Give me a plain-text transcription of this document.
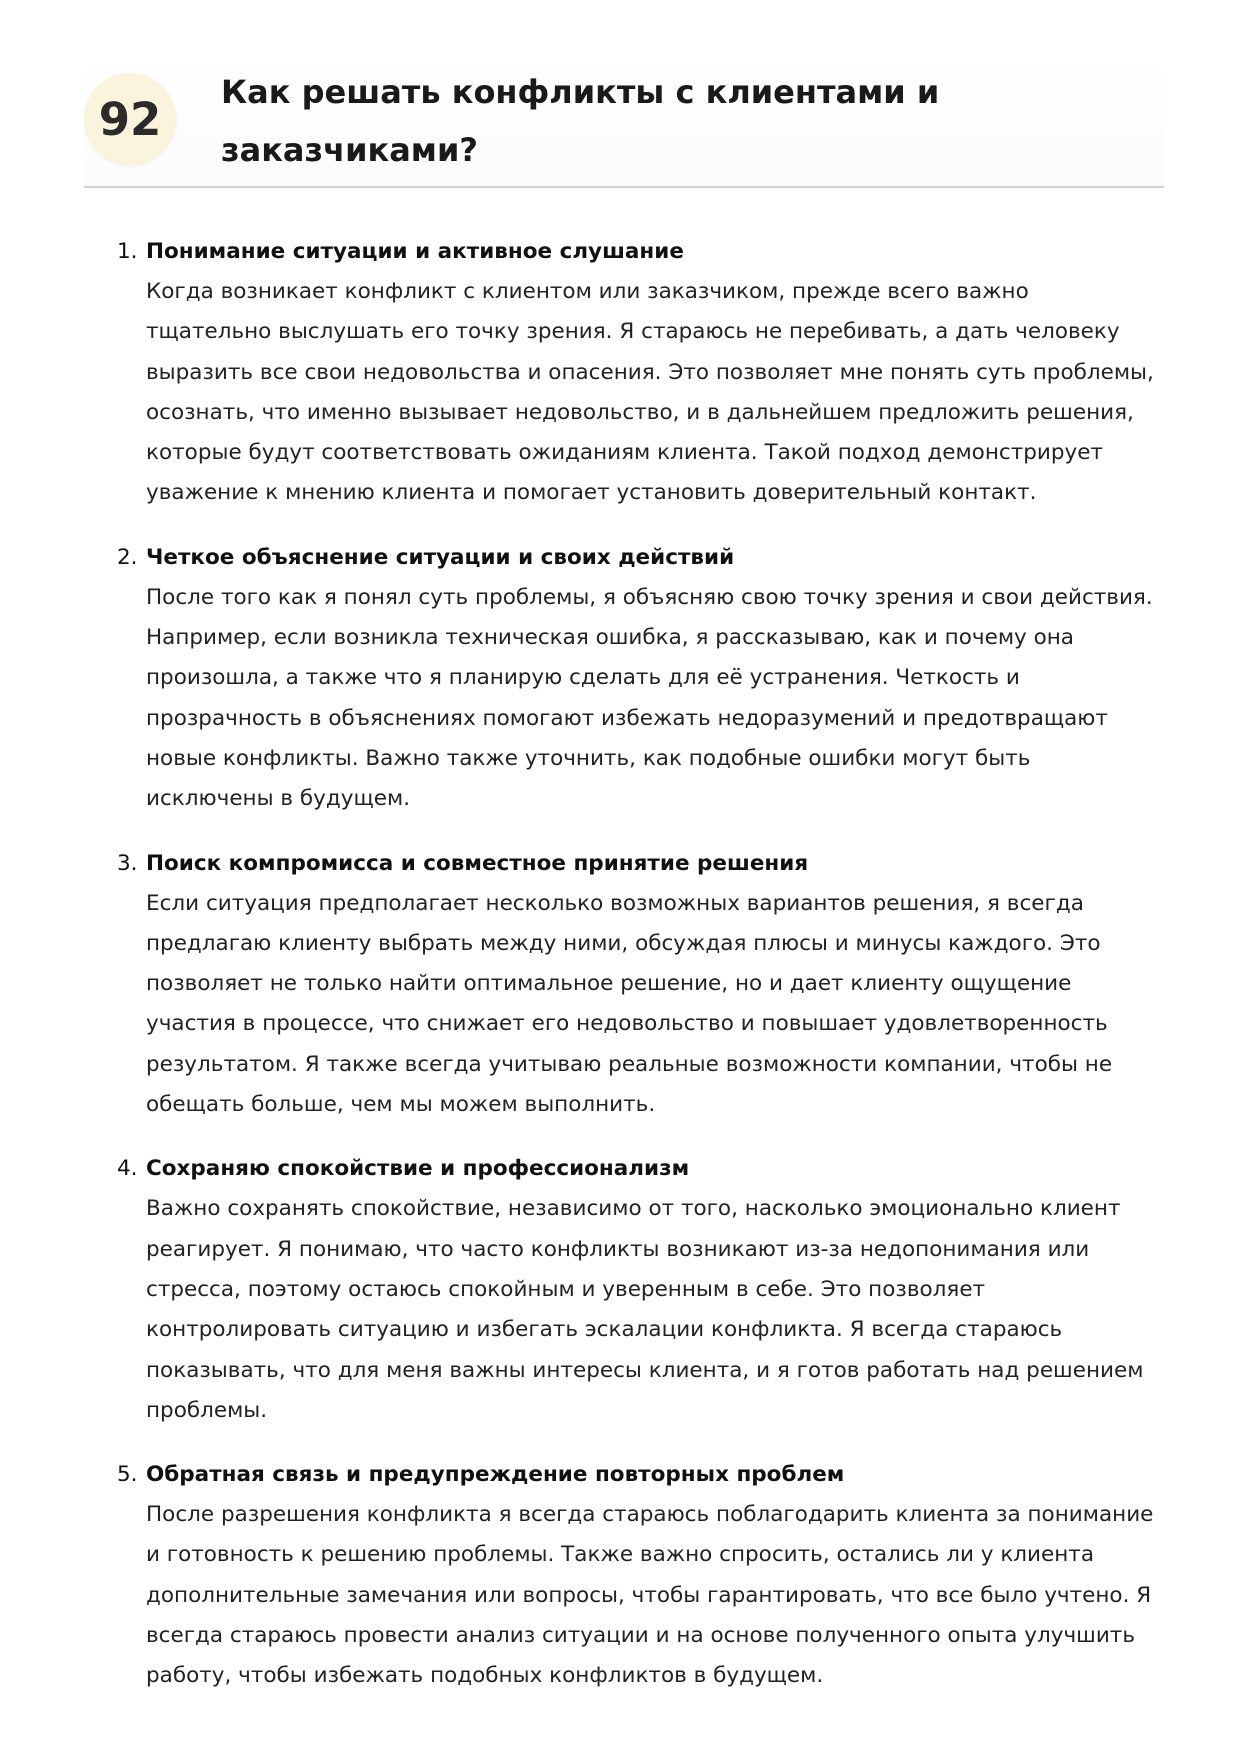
92
Как решать конфликты с клиентами и заказчиками?
1. Понимание ситуации и активное слушание

Когда возникает конфликт с клиентом или заказчиком, прежде всего важно тщательно выслушать его точку зрения. Я стараюсь не перебивать, а дать человеку выразить все свои недовольства и опасения. Это позволяет мне понять суть проблемы, осознать, что именно вызывает недовольство, и в дальнейшем предложить решения, которые будут соответствовать ожиданиям клиента. Такой подход демонстрирует уважение к мнению клиента и помогает установить доверительный контакт.

2. Четкое объяснение ситуации и своих действий

После того как я понял суть проблемы, я объясняю свою точку зрения и свои действия. Например, если возникла техническая ошибка, я рассказываю, как и почему она произошла, а также что я планирую сделать для её устранения. Четкость и прозрачность в объяснениях помогают избежать недоразумений и предотвращают новые конфликты. Важно также уточнить, как подобные ошибки могут быть исключены в будущем.

3. Поиск компромисса и совместное принятие решения

Если ситуация предполагает несколько возможных вариантов решения, я всегда предлагаю клиенту выбрать между ними, обсуждая плюсы и минусы каждого. Это позволяет не только найти оптимальное решение, но и дает клиенту ощущение участия в процессе, что снижает его недовольство и повышает удовлетворенность результатом. Я также всегда учитываю реальные возможности компании, чтобы не обещать больше, чем мы можем выполнить.

4. Сохраняю спокойствие и профессионализм

Важно сохранять спокойствие, независимо от того, насколько эмоционально клиент реагирует. Я понимаю, что часто конфликты возникают из-за недопонимания или стресса, поэтому остаюсь спокойным и уверенным в себе. Это позволяет контролировать ситуацию и избегать эскалации конфликта. Я всегда стараюсь показывать, что для меня важны интересы клиента, и я готов работать над решением проблемы.

5. Обратная связь и предупреждение повторных проблем

После разрешения конфликта я всегда стараюсь поблагодарить клиента за понимание и готовность к решению проблемы. Также важно спросить, остались ли у клиента дополнительные замечания или вопросы, чтобы гарантировать, что все было учтено. Я всегда стараюсь провести анализ ситуации и на основе полученного опыта улучшить работу, чтобы избежать подобных конфликтов в будущем.
